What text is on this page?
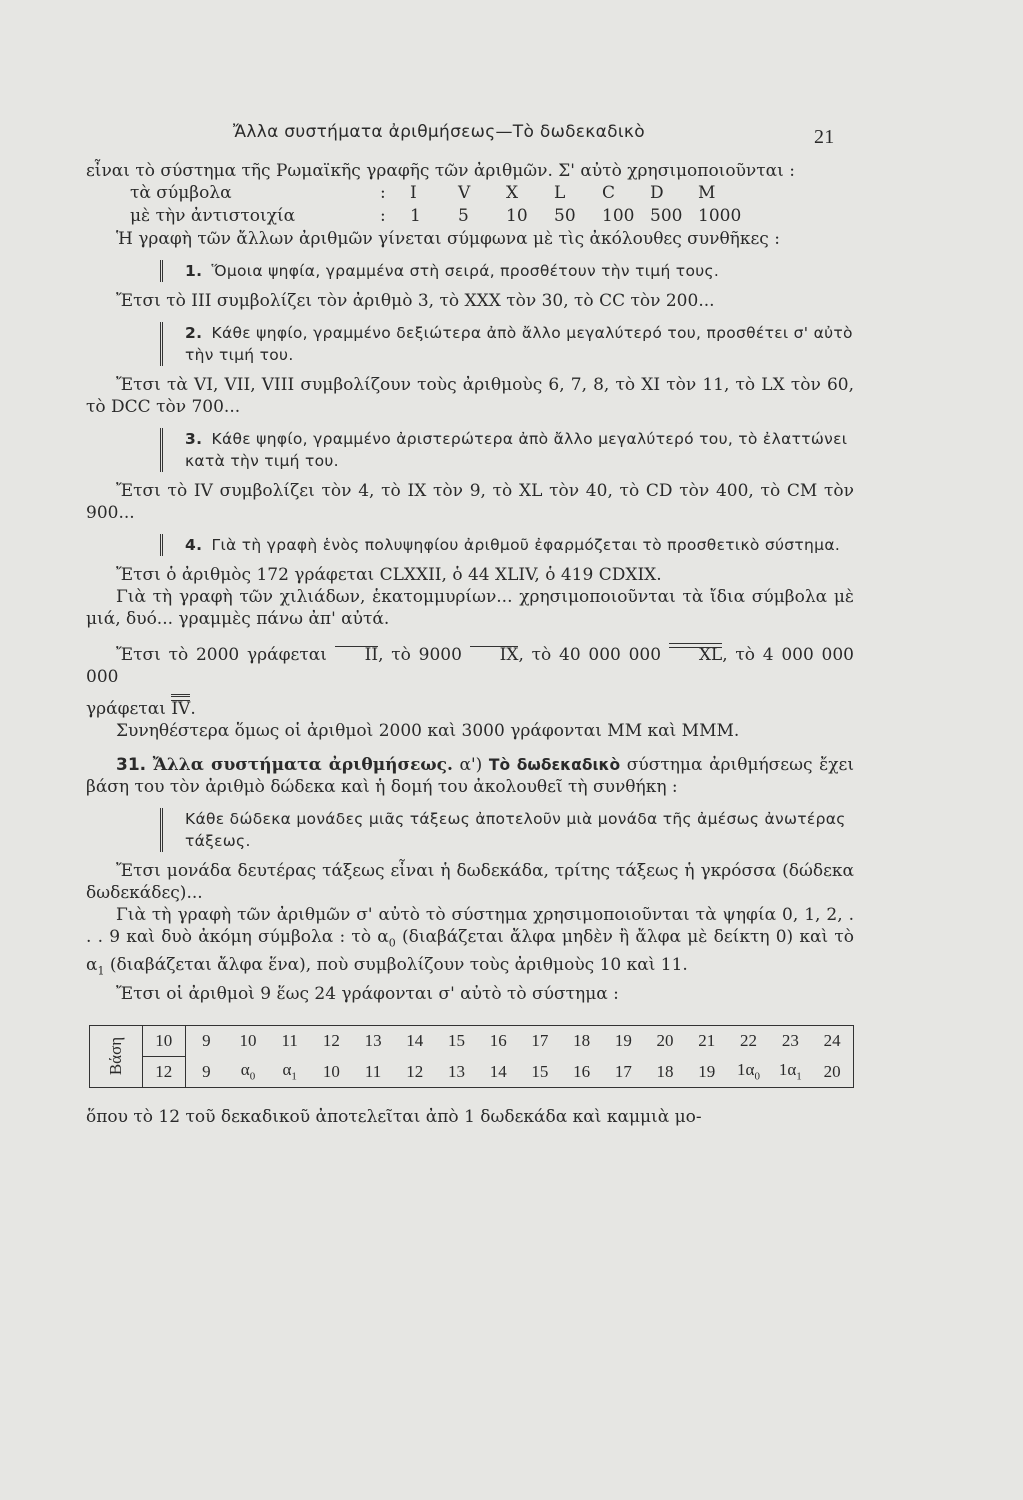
Ἄλλα συστήματα ἀριθμήσεως—Τὸ δωδεκαδικὸ	21

εἶναι τὸ σύστημα τῆς Ρωμαϊκῆς γραφῆς τῶν ἀριθμῶν. Σ' αὐτὸ χρησιμοποιοῦνται :

τὰ σύμβολα	:	I	V	X	L	C	D	M
μὲ τὴν ἀντιστοιχία	:	1	5	10	50	100 500 1000

Ἡ γραφὴ τῶν ἄλλων ἀριθμῶν γίνεται σύμφωνα μὲ τὶς ἀκόλουθες συνθῆκες :

1. Ὅμοια ψηφία, γραμμένα στὴ σειρά, προσθέτουν τὴν τιμή τους.

Ἔτσι τὸ III συμβολίζει τὸν ἀριθμὸ 3, τὸ XXX τὸν 30, τὸ CC τὸν 200...

2. Κάθε ψηφίο, γραμμένο δεξιώτερα ἀπὸ ἄλλο μεγαλύτερό του, προσθέτει σ' αὐτὸ τὴν τιμή του.

Ἔτσι τὰ VI, VII, VIII συμβολίζουν τοὺς ἀριθμοὺς 6, 7, 8, τὸ XI τὸν 11, τὸ LX τὸν 60, τὸ DCC τὸν 700...

3. Κάθε ψηφίο, γραμμένο ἀριστερώτερα ἀπὸ ἄλλο μεγαλύτερό του, τὸ ἐλαττώνει κατὰ τὴν τιμή του.

Ἔτσι τὸ IV συμβολίζει τὸν 4, τὸ IX τὸν 9, τὸ XL τὸν 40, τὸ CD τὸν 400, τὸ CM τὸν 900...

4. Γιὰ τὴ γραφὴ ἑνὸς πολυψηφίου ἀριθμοῦ ἐφαρμόζεται τὸ προσθετικὸ σύστημα.

Ἔτσι ὁ ἀριθμὸς 172 γράφεται CLXXII, ὁ 44 XLIV, ὁ 419 CDXIX.

Γιὰ τὴ γραφὴ τῶν χιλιάδων, ἑκατομμυρίων... χρησιμοποιοῦνται τὰ ἴδια σύμβολα μὲ μιά, δυό... γραμμὲς πάνω ἀπ' αὐτά.

Ἔτσι τὸ 2000 γράφεται II, τὸ 9000 IX, τὸ 40 000 000 XL, τὸ 4 000 000 000

γράφεται IV.

Συνηθέστερα ὅμως οἱ ἀριθμοὶ 2000 καὶ 3000 γράφονται MM καὶ MMM.

31. Ἄλλα συστήματα ἀριθμήσεως. α') Τὸ δωδεκαδικὸ σύστημα ἀριθμήσεως ἔχει βάση του τὸν ἀριθμὸ δώδεκα καὶ ἡ δομή του ἀκολουθεῖ τὴ συνθήκη :

Κάθε δώδεκα μονάδες μιᾶς τάξεως ἀποτελοῦν μιὰ μονάδα τῆς ἀμέσως ἀνωτέρας τάξεως.

Ἔτσι μονάδα δευτέρας τάξεως εἶναι ἡ δωδεκάδα, τρίτης τάξεως ἡ γκρόσσα (δώδεκα δωδεκάδες)...

Γιὰ τὴ γραφὴ τῶν ἀριθμῶν σ' αὐτὸ τὸ σύστημα χρησιμοποιοῦνται τὰ ψηφία 0, 1, 2, . . . 9 καὶ δυὸ ἀκόμη σύμβολα : τὸ $\alpha_0$ (διαβάζεται ἄλφα μηδὲν ἢ ἄλφα μὲ δείκτη 0) καὶ τὸ $\alpha_1$ (διαβάζεται ἄλφα ἕνα), ποὺ συμβολίζουν τοὺς ἀριθμοὺς 10 καὶ 11.

Ἔτσι οἱ ἀριθμοὶ 9 ἕως 24 γράφονται σ' αὐτὸ τὸ σύστημα :

Βάση	10	9	10	11	12	13	14	15	16	17	18	19	20	21	22	23	24
	12	9	$\alpha_0$	$\alpha_1$	10	11	12	13	14	15	16	17	18	19	$1\alpha_0$	$1\alpha_1$	20

ὅπου τὸ 12 τοῦ δεκαδικοῦ ἀποτελεῖται ἀπὸ 1 δωδεκάδα καὶ καμμιὰ μο-
